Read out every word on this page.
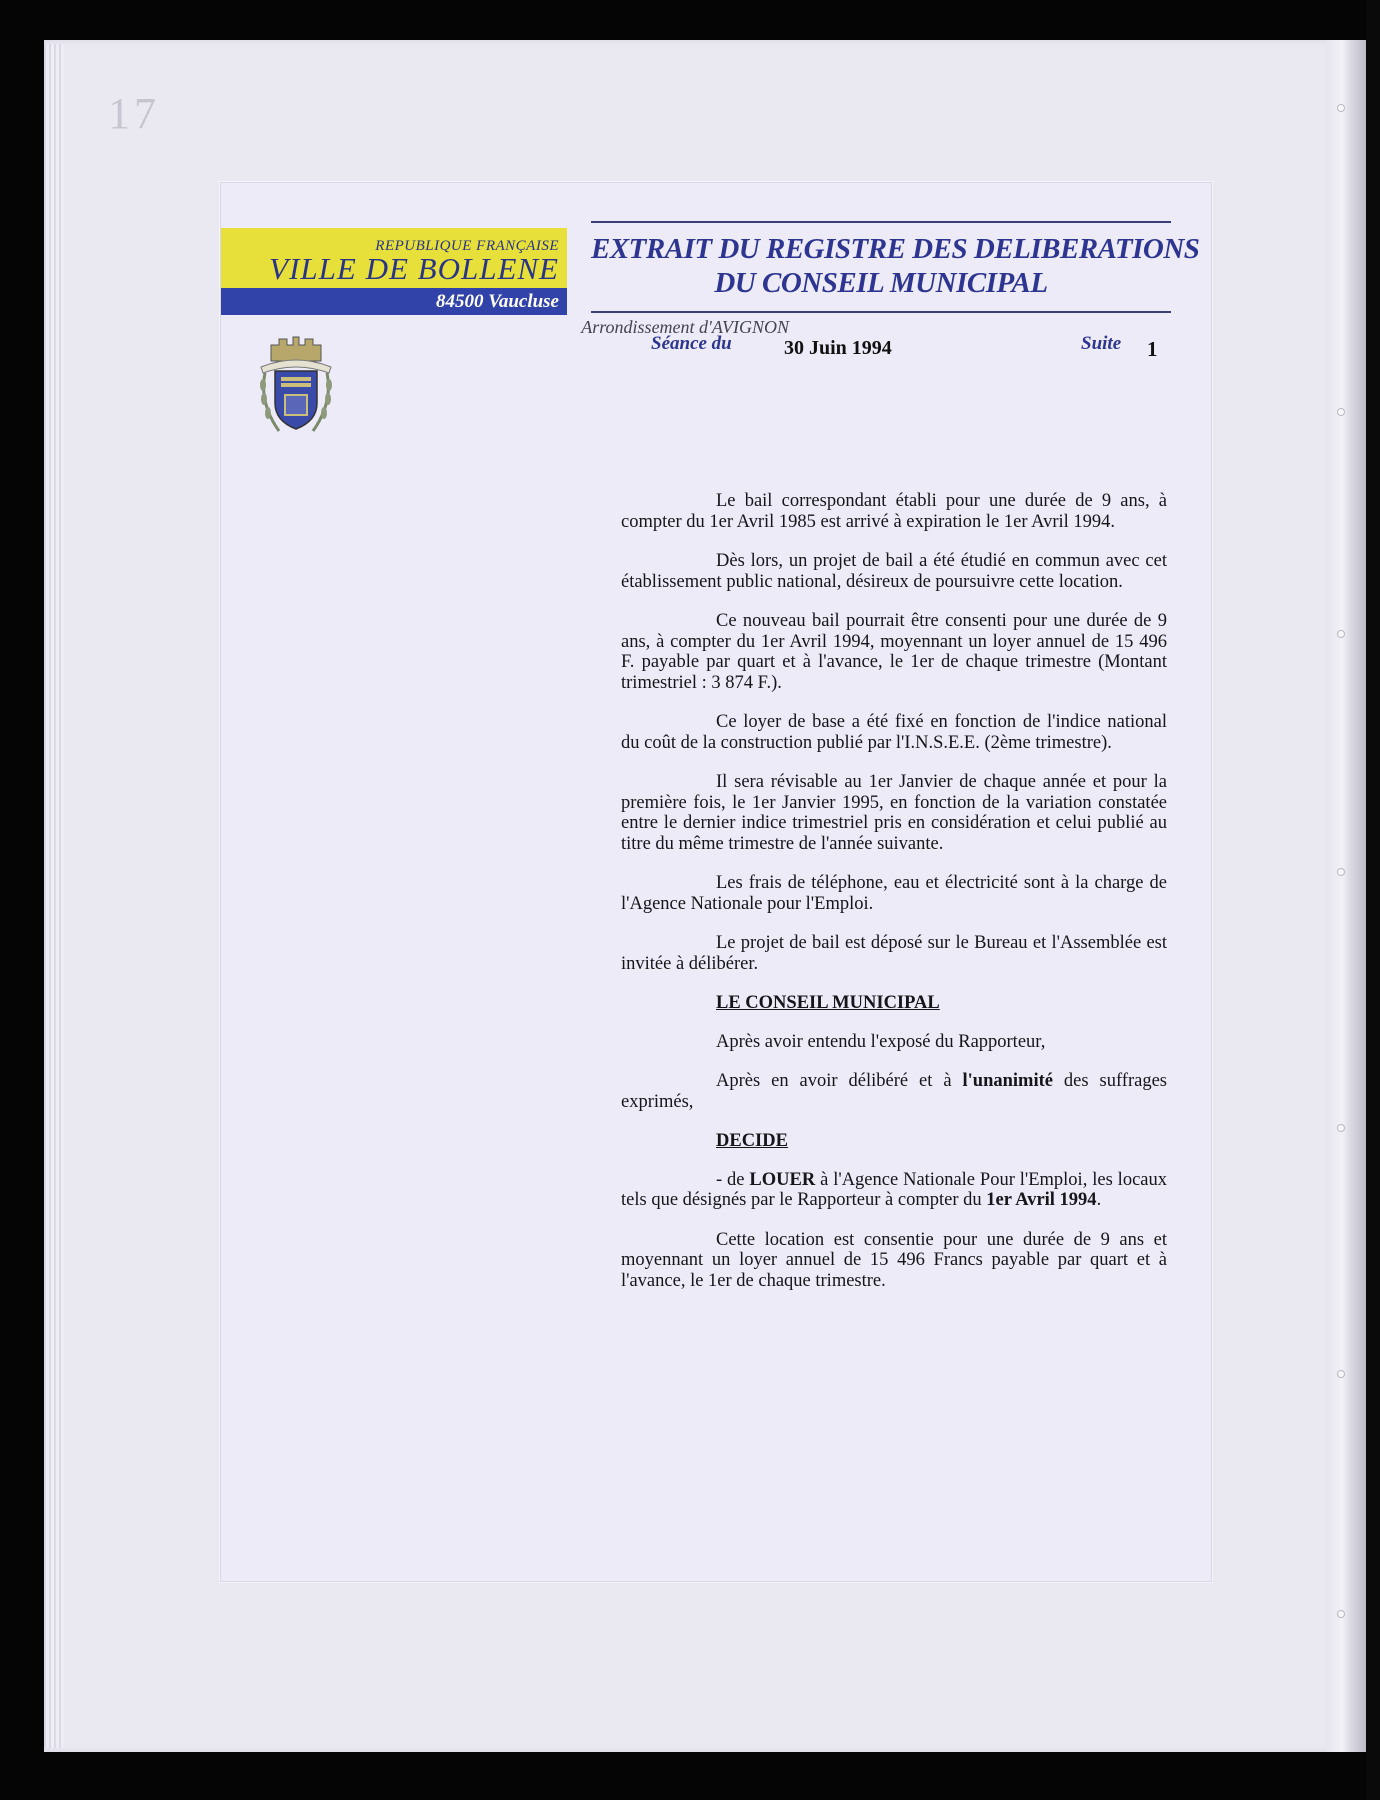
17
REPUBLIQUE FRANÇAISE
VILLE DE BOLLENE
84500 Vaucluse
Arrondissement d'AVIGNON
EXTRAIT DU REGISTRE DES DELIBERATIONS
DU CONSEIL MUNICIPAL
Séance du	30 Juin 1994	Suite 1

Le bail correspondant établi pour une durée de 9 ans, à compter du 1er Avril 1985 est arrivé à expiration le 1er Avril 1994.

Dès lors, un projet de bail a été étudié en commun avec cet établissement public national, désireux de poursuivre cette location.

Ce nouveau bail pourrait être consenti pour une durée de 9 ans, à compter du 1er Avril 1994, moyennant un loyer annuel de 15 496 F. payable par quart et à l'avance, le 1er de chaque trimestre (Montant trimestriel : 3 874 F.).

Ce loyer de base a été fixé en fonction de l'indice national du coût de la construction publié par l'I.N.S.E.E. (2ème trimestre).

Il sera révisable au 1er Janvier de chaque année et pour la première fois, le 1er Janvier 1995, en fonction de la variation constatée entre le dernier indice trimestriel pris en considération et celui publié au titre du même trimestre de l'année suivante.

Les frais de téléphone, eau et électricité sont à la charge de l'Agence Nationale pour l'Emploi.

Le projet de bail est déposé sur le Bureau et l'Assemblée est invitée à délibérer.

LE CONSEIL MUNICIPAL

Après avoir entendu l'exposé du Rapporteur,

Après en avoir délibéré et à l'unanimité des suffrages exprimés,

DECIDE

- de LOUER à l'Agence Nationale Pour l'Emploi, les locaux tels que désignés par le Rapporteur à compter du 1er Avril 1994.

Cette location est consentie pour une durée de 9 ans et moyennant un loyer annuel de 15 496 Francs payable par quart et à l'avance, le 1er de chaque trimestre.
